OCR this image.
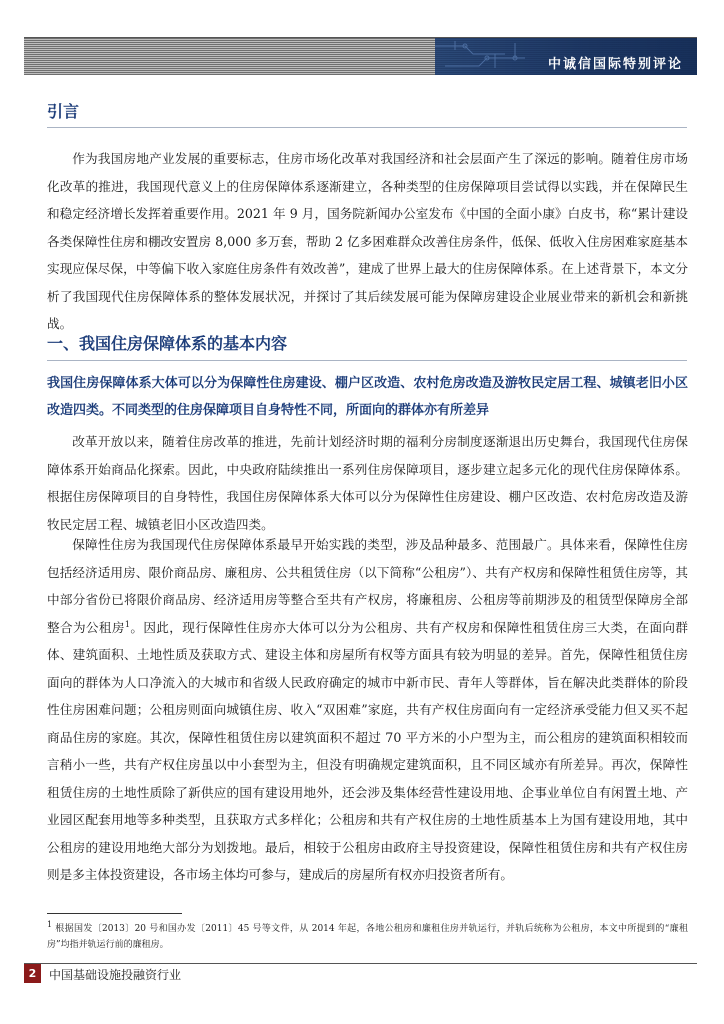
中诚信国际特别评论
引言

作为我国房地产业发展的重要标志，住房市场化改革对我国经济和社会层面产生了深远的影响。随着住房市场化改革的推进，我国现代意义上的住房保障体系逐渐建立，各种类型的住房保障项目尝试得以实践，并在保障民生和稳定经济增长发挥着重要作用。2021 年 9 月，国务院新闻办公室发布《中国的全面小康》白皮书，称“累计建设各类保障性住房和棚改安置房 8,000 多万套，帮助 2 亿多困难群众改善住房条件，低保、低收入住房困难家庭基本实现应保尽保，中等偏下收入家庭住房条件有效改善”，建成了世界上最大的住房保障体系。在上述背景下，本文分析了我国现代住房保障体系的整体发展状况，并探讨了其后续发展可能为保障房建设企业展业带来的新机会和新挑战。

一、我国住房保障体系的基本内容

我国住房保障体系大体可以分为保障性住房建设、棚户区改造、农村危房改造及游牧民定居工程、城镇老旧小区改造四类。不同类型的住房保障项目自身特性不同，所面向的群体亦有所差异

改革开放以来，随着住房改革的推进，先前计划经济时期的福利分房制度逐渐退出历史舞台，我国现代住房保障体系开始商品化探索。因此，中央政府陆续推出一系列住房保障项目，逐步建立起多元化的现代住房保障体系。根据住房保障项目的自身特性，我国住房保障体系大体可以分为保障性住房建设、棚户区改造、农村危房改造及游牧民定居工程、城镇老旧小区改造四类。

保障性住房为我国现代住房保障体系最早开始实践的类型，涉及品种最多、范围最广。具体来看，保障性住房包括经济适用房、限价商品房、廉租房、公共租赁住房（以下简称“公租房”）、共有产权房和保障性租赁住房等，其中部分省份已将限价商品房、经济适用房等整合至共有产权房，将廉租房、公租房等前期涉及的租赁型保障房全部整合为公租房$^1$。因此，现行保障性住房亦大体可以分为公租房、共有产权房和保障性租赁住房三大类，在面向群体、建筑面积、土地性质及获取方式、建设主体和房屋所有权等方面具有较为明显的差异。首先，保障性租赁住房面向的群体为人口净流入的大城市和省级人民政府确定的城市中新市民、青年人等群体，旨在解决此类群体的阶段性住房困难问题；公租房则面向城镇住房、收入“双困难”家庭，共有产权住房面向有一定经济承受能力但又买不起商品住房的家庭。其次，保障性租赁住房以建筑面积不超过 70 平方米的小户型为主，而公租房的建筑面积相较而言稍小一些，共有产权住房虽以中小套型为主，但没有明确规定建筑面积，且不同区域亦有所差异。再次，保障性租赁住房的土地性质除了新供应的国有建设用地外，还会涉及集体经营性建设用地、企事业单位自有闲置土地、产业园区配套用地等多种类型，且获取方式多样化；公租房和共有产权住房的土地性质基本上为国有建设用地，其中公租房的建设用地绝大部分为划拨地。最后，相较于公租房由政府主导投资建设，保障性租赁住房和共有产权住房则是多主体投资建设，各市场主体均可参与，建成后的房屋所有权亦归投资者所有。

$^1$ 根据国发〔2013〕20 号和国办发〔2011〕45 号等文件，从 2014 年起，各地公租房和廉租住房并轨运行，并轨后统称为公租房，本文中所提到的“廉租房”均指并轨运行前的廉租房。

2	中国基础设施投融资行业
